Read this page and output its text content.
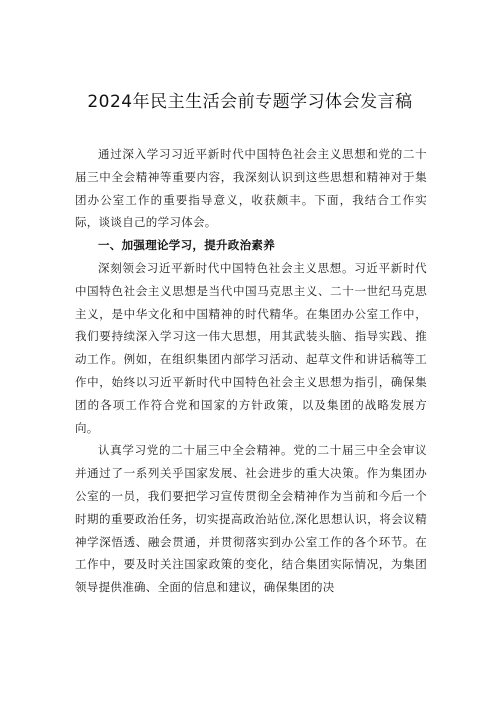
2024年民主生活会前专题学习体会发言稿

通过深入学习习近平新时代中国特色社会主义思想和党的二十届三中全会精神等重要内容，我深刻认识到这些思想和精神对于集团办公室工作的重要指导意义，收获颇丰。下面，我结合工作实际，谈谈自己的学习体会。

一、加强理论学习，提升政治素养

深刻领会习近平新时代中国特色社会主义思想。习近平新时代中国特色社会主义思想是当代中国马克思主义、二十一世纪马克思主义，是中华文化和中国精神的时代精华。在集团办公室工作中，我们要持续深入学习这一伟大思想，用其武装头脑、指导实践、推动工作。例如，在组织集团内部学习活动、起草文件和讲话稿等工作中，始终以习近平新时代中国特色社会主义思想为指引，确保集团的各项工作符合党和国家的方针政策，以及集团的战略发展方向。

认真学习党的二十届三中全会精神。党的二十届三中全会审议并通过了一系列关乎国家发展、社会进步的重大决策。作为集团办公室的一员，我们要把学习宣传贯彻全会精神作为当前和今后一个时期的重要政治任务，切实提高政治站位,深化思想认识，将会议精神学深悟透、融会贯通，并贯彻落实到办公室工作的各个环节。在工作中，要及时关注国家政策的变化，结合集团实际情况，为集团领导提供准确、全面的信息和建议，确保集团的决
